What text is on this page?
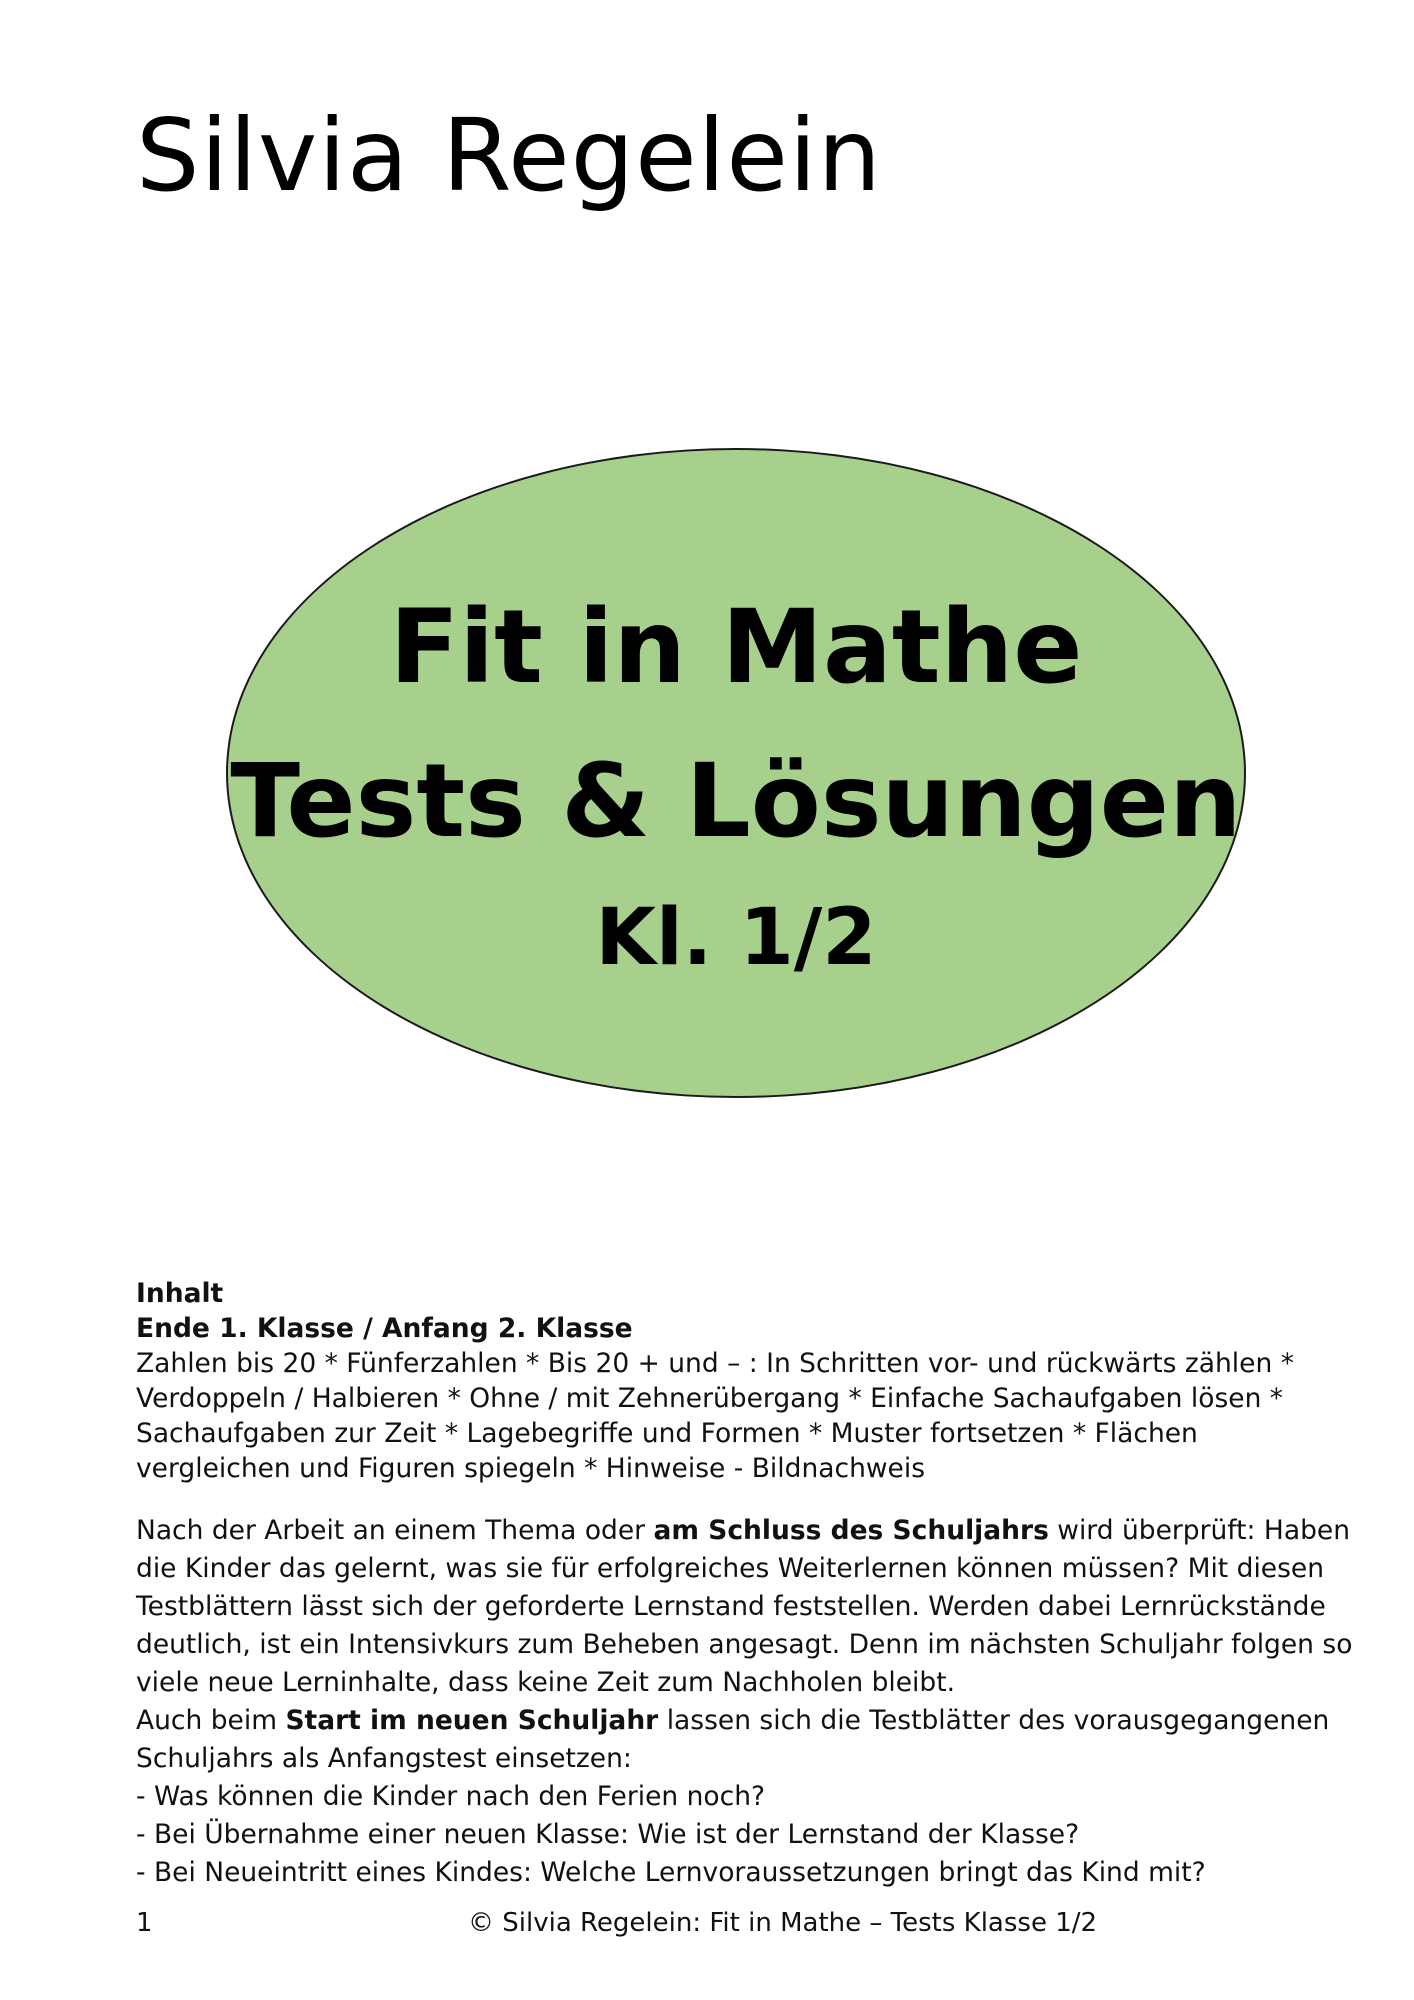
Silvia Regelein
Fit in Mathe
Tests & Lösungen
Kl. 1/2

Inhalt

Ende 1. Klasse / Anfang 2. Klasse

Zahlen bis 20 * Fünferzahlen * Bis 20 + und – : In Schritten vor- und rückwärts zählen * Verdoppeln / Halbieren * Ohne / mit Zehnerübergang * Einfache Sachaufgaben lösen * Sachaufgaben zur Zeit * Lagebegriffe und Formen * Muster fortsetzen * Flächen vergleichen und Figuren spiegeln * Hinweise - Bildnachweis

Nach der Arbeit an einem Thema oder am Schluss des Schuljahrs wird überprüft: Haben die Kinder das gelernt, was sie für erfolgreiches Weiterlernen können müssen? Mit diesen Testblättern lässt sich der geforderte Lernstand feststellen. Werden dabei Lernrückstände deutlich, ist ein Intensivkurs zum Beheben angesagt. Denn im nächsten Schuljahr folgen so viele neue Lerninhalte, dass keine Zeit zum Nachholen bleibt.

Auch beim Start im neuen Schuljahr lassen sich die Testblätter des vorausgegangenen Schuljahrs als Anfangstest einsetzen:

- Was können die Kinder nach den Ferien noch?
- Bei Übernahme einer neuen Klasse: Wie ist der Lernstand der Klasse?
- Bei Neueintritt eines Kindes: Welche Lernvoraussetzungen bringt das Kind mit?
1	© Silvia Regelein: Fit in Mathe – Tests Klasse 1/2
